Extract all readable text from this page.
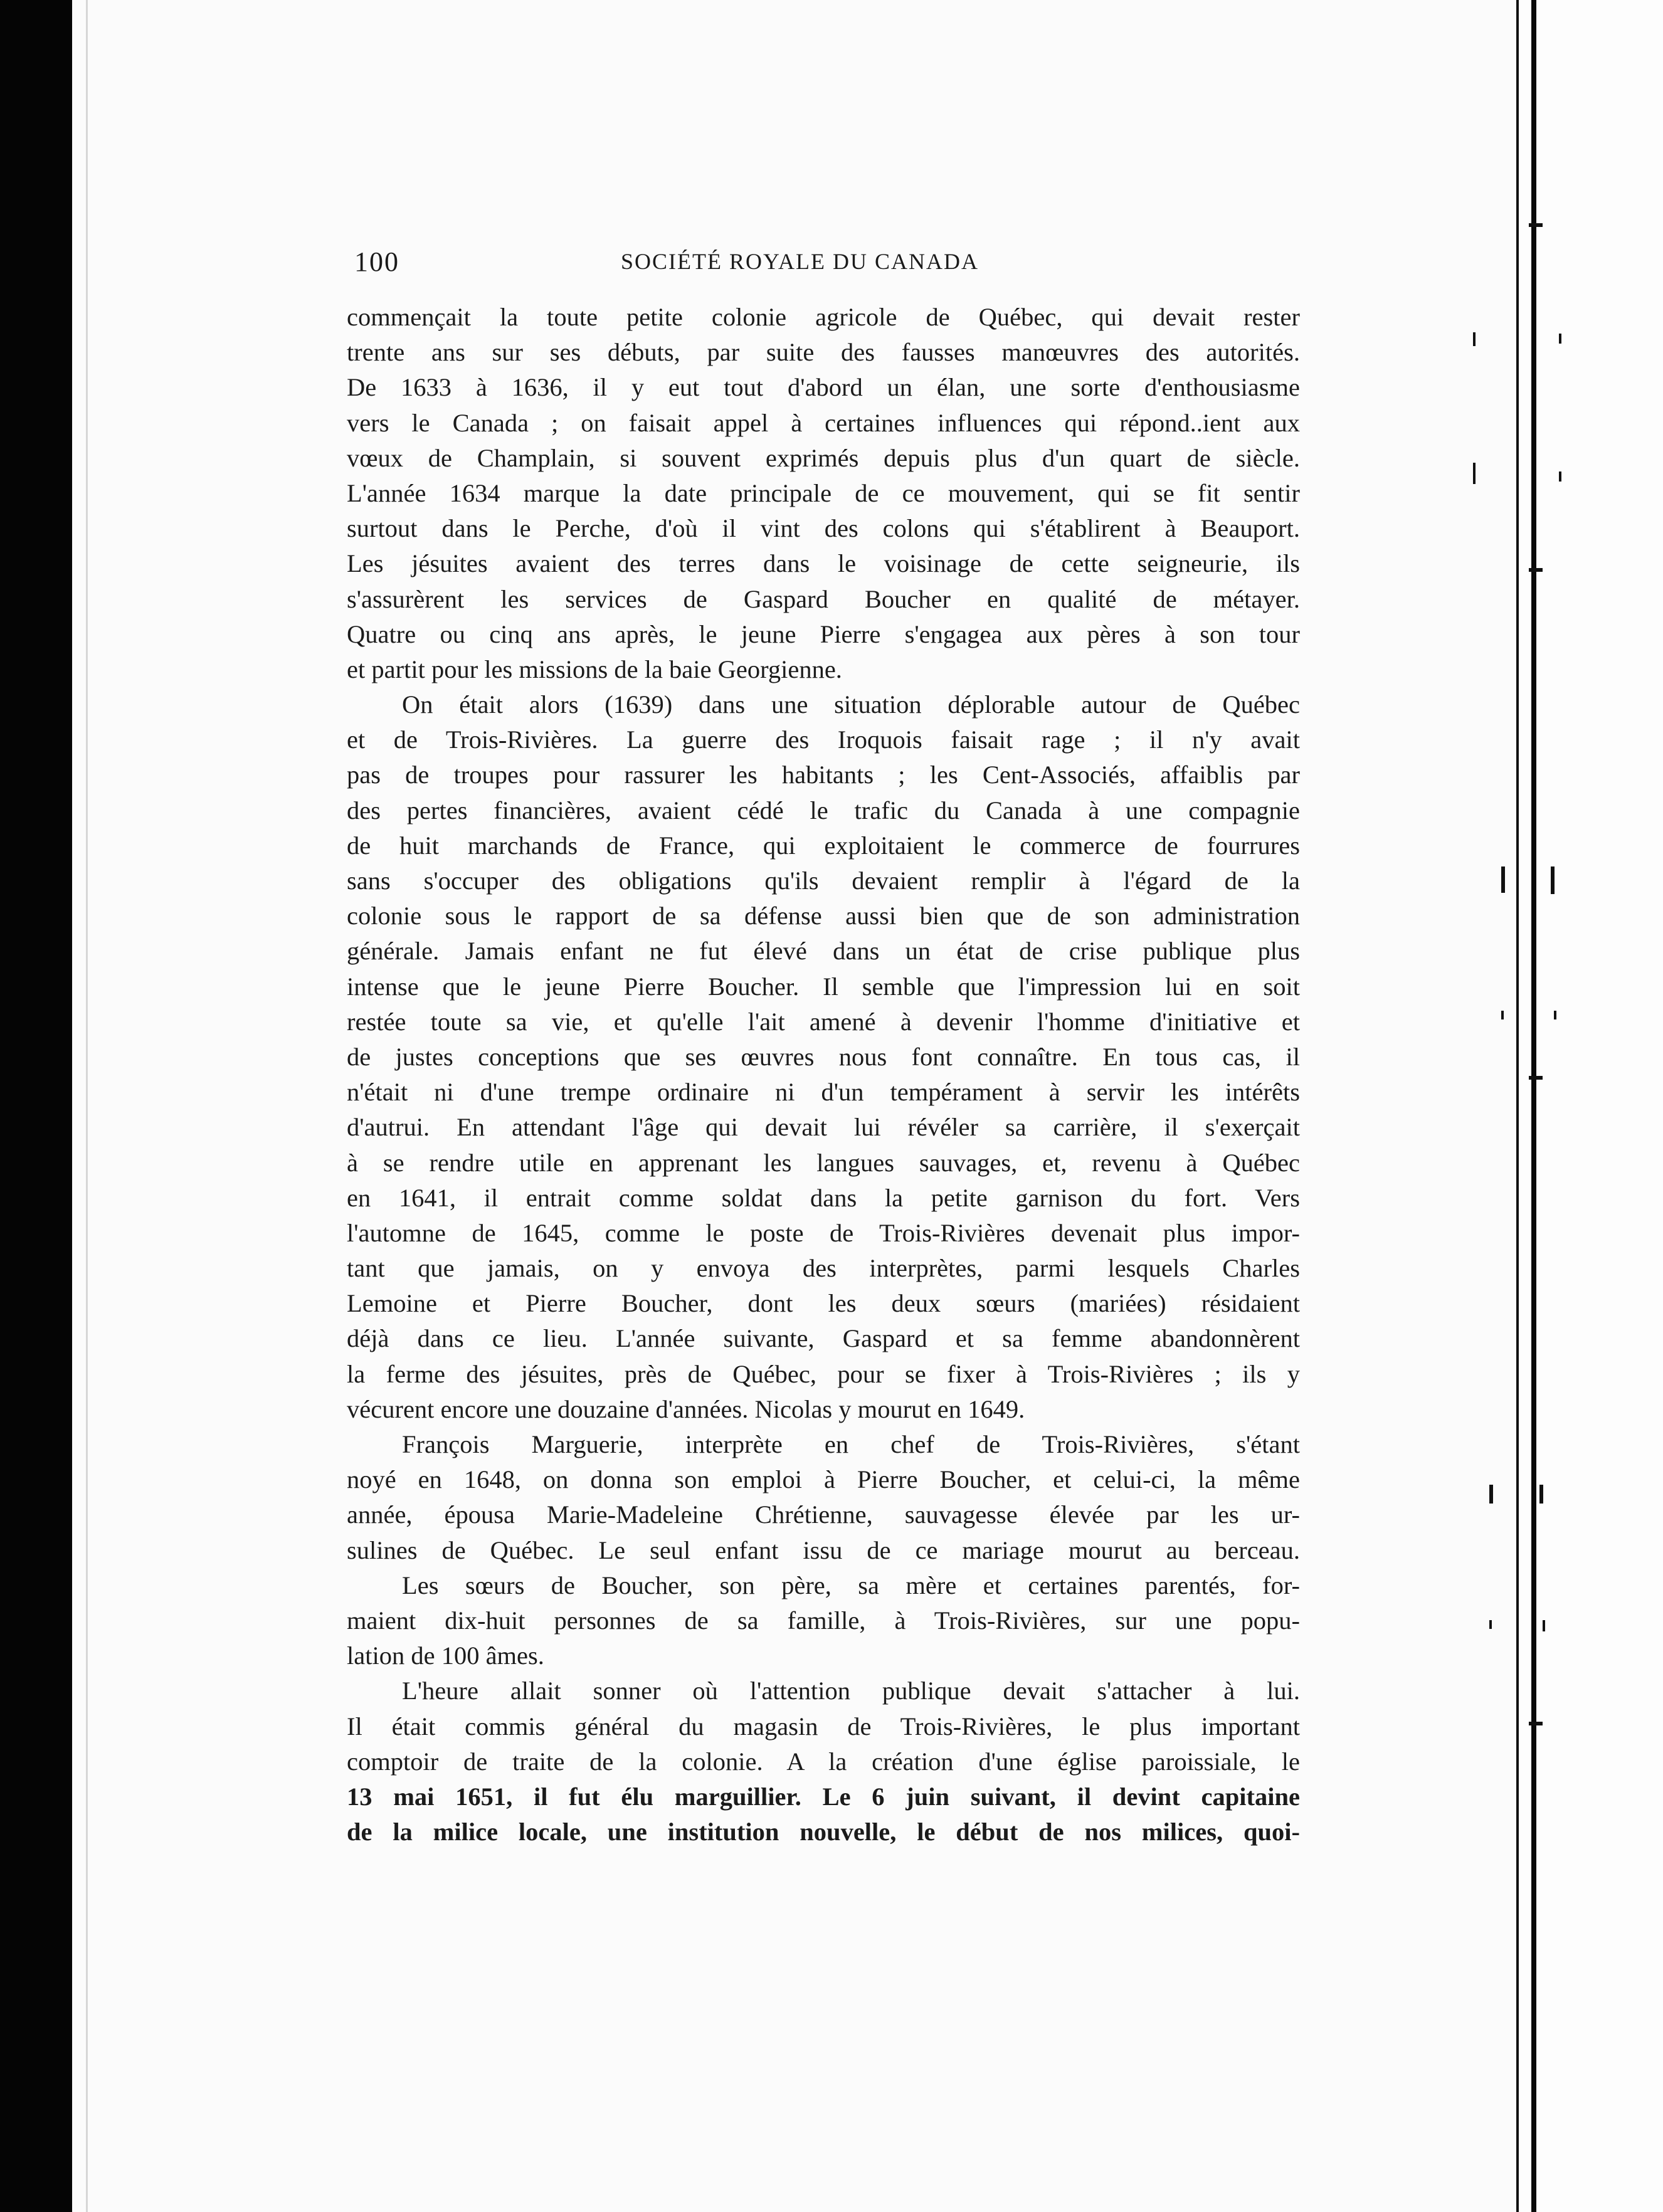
100	SOCIÉTÉ ROYALE DU CANADA
commençait la toute petite colonie agricole de Québec, qui devait rester
trente ans sur ses débuts, par suite des fausses manœuvres des autorités.
De 1633 à 1636, il y eut tout d'abord un élan, une sorte d'enthousiasme
vers le Canada ; on faisait appel à certaines influences qui répond..ient aux
vœux de Champlain, si souvent exprimés depuis plus d'un quart de siècle.
L'année 1634 marque la date principale de ce mouvement, qui se fit sentir
surtout dans le Perche, d'où il vint des colons qui s'établirent à Beauport.
Les jésuites avaient des terres dans le voisinage de cette seigneurie, ils
s'assurèrent les services de Gaspard Boucher en qualité de métayer.
Quatre ou cinq ans après, le jeune Pierre s'engagea aux pères à son tour
et partit pour les missions de la baie Georgienne.
On était alors (1639) dans une situation déplorable autour de Québec
et de Trois-Rivières. La guerre des Iroquois faisait rage ; il n'y avait
pas de troupes pour rassurer les habitants ; les Cent-Associés, affaiblis par
des pertes financières, avaient cédé le trafic du Canada à une compagnie
de huit marchands de France, qui exploitaient le commerce de fourrures
sans s'occuper des obligations qu'ils devaient remplir à l'égard de la
colonie sous le rapport de sa défense aussi bien que de son administration
générale. Jamais enfant ne fut élevé dans un état de crise publique plus
intense que le jeune Pierre Boucher. Il semble que l'impression lui en soit
restée toute sa vie, et qu'elle l'ait amené à devenir l'homme d'initiative et
de justes conceptions que ses œuvres nous font connaître. En tous cas, il
n'était ni d'une trempe ordinaire ni d'un tempérament à servir les intérêts
d'autrui. En attendant l'âge qui devait lui révéler sa carrière, il s'exerçait
à se rendre utile en apprenant les langues sauvages, et, revenu à Québec
en 1641, il entrait comme soldat dans la petite garnison du fort. Vers
l'automne de 1645, comme le poste de Trois-Rivières devenait plus impor-
tant que jamais, on y envoya des interprètes, parmi lesquels Charles
Lemoine et Pierre Boucher, dont les deux sœurs (mariées) résidaient
déjà dans ce lieu. L'année suivante, Gaspard et sa femme abandonnèrent
la ferme des jésuites, près de Québec, pour se fixer à Trois-Rivières ; ils y
vécurent encore une douzaine d'années. Nicolas y mourut en 1649.
François Marguerie, interprète en chef de Trois-Rivières, s'étant
noyé en 1648, on donna son emploi à Pierre Boucher, et celui-ci, la même
année, épousa Marie-Madeleine Chrétienne, sauvagesse élevée par les ur-
sulines de Québec. Le seul enfant issu de ce mariage mourut au berceau.
Les sœurs de Boucher, son père, sa mère et certaines parentés, for-
maient dix-huit personnes de sa famille, à Trois-Rivières, sur une popu-
lation de 100 âmes.
L'heure allait sonner où l'attention publique devait s'attacher à lui.
Il était commis général du magasin de Trois-Rivières, le plus important
comptoir de traite de la colonie. A la création d'une église paroissiale, le
13 mai 1651, il fut élu marguillier. Le 6 juin suivant, il devint capitaine
de la milice locale, une institution nouvelle, le début de nos milices, quoi-
